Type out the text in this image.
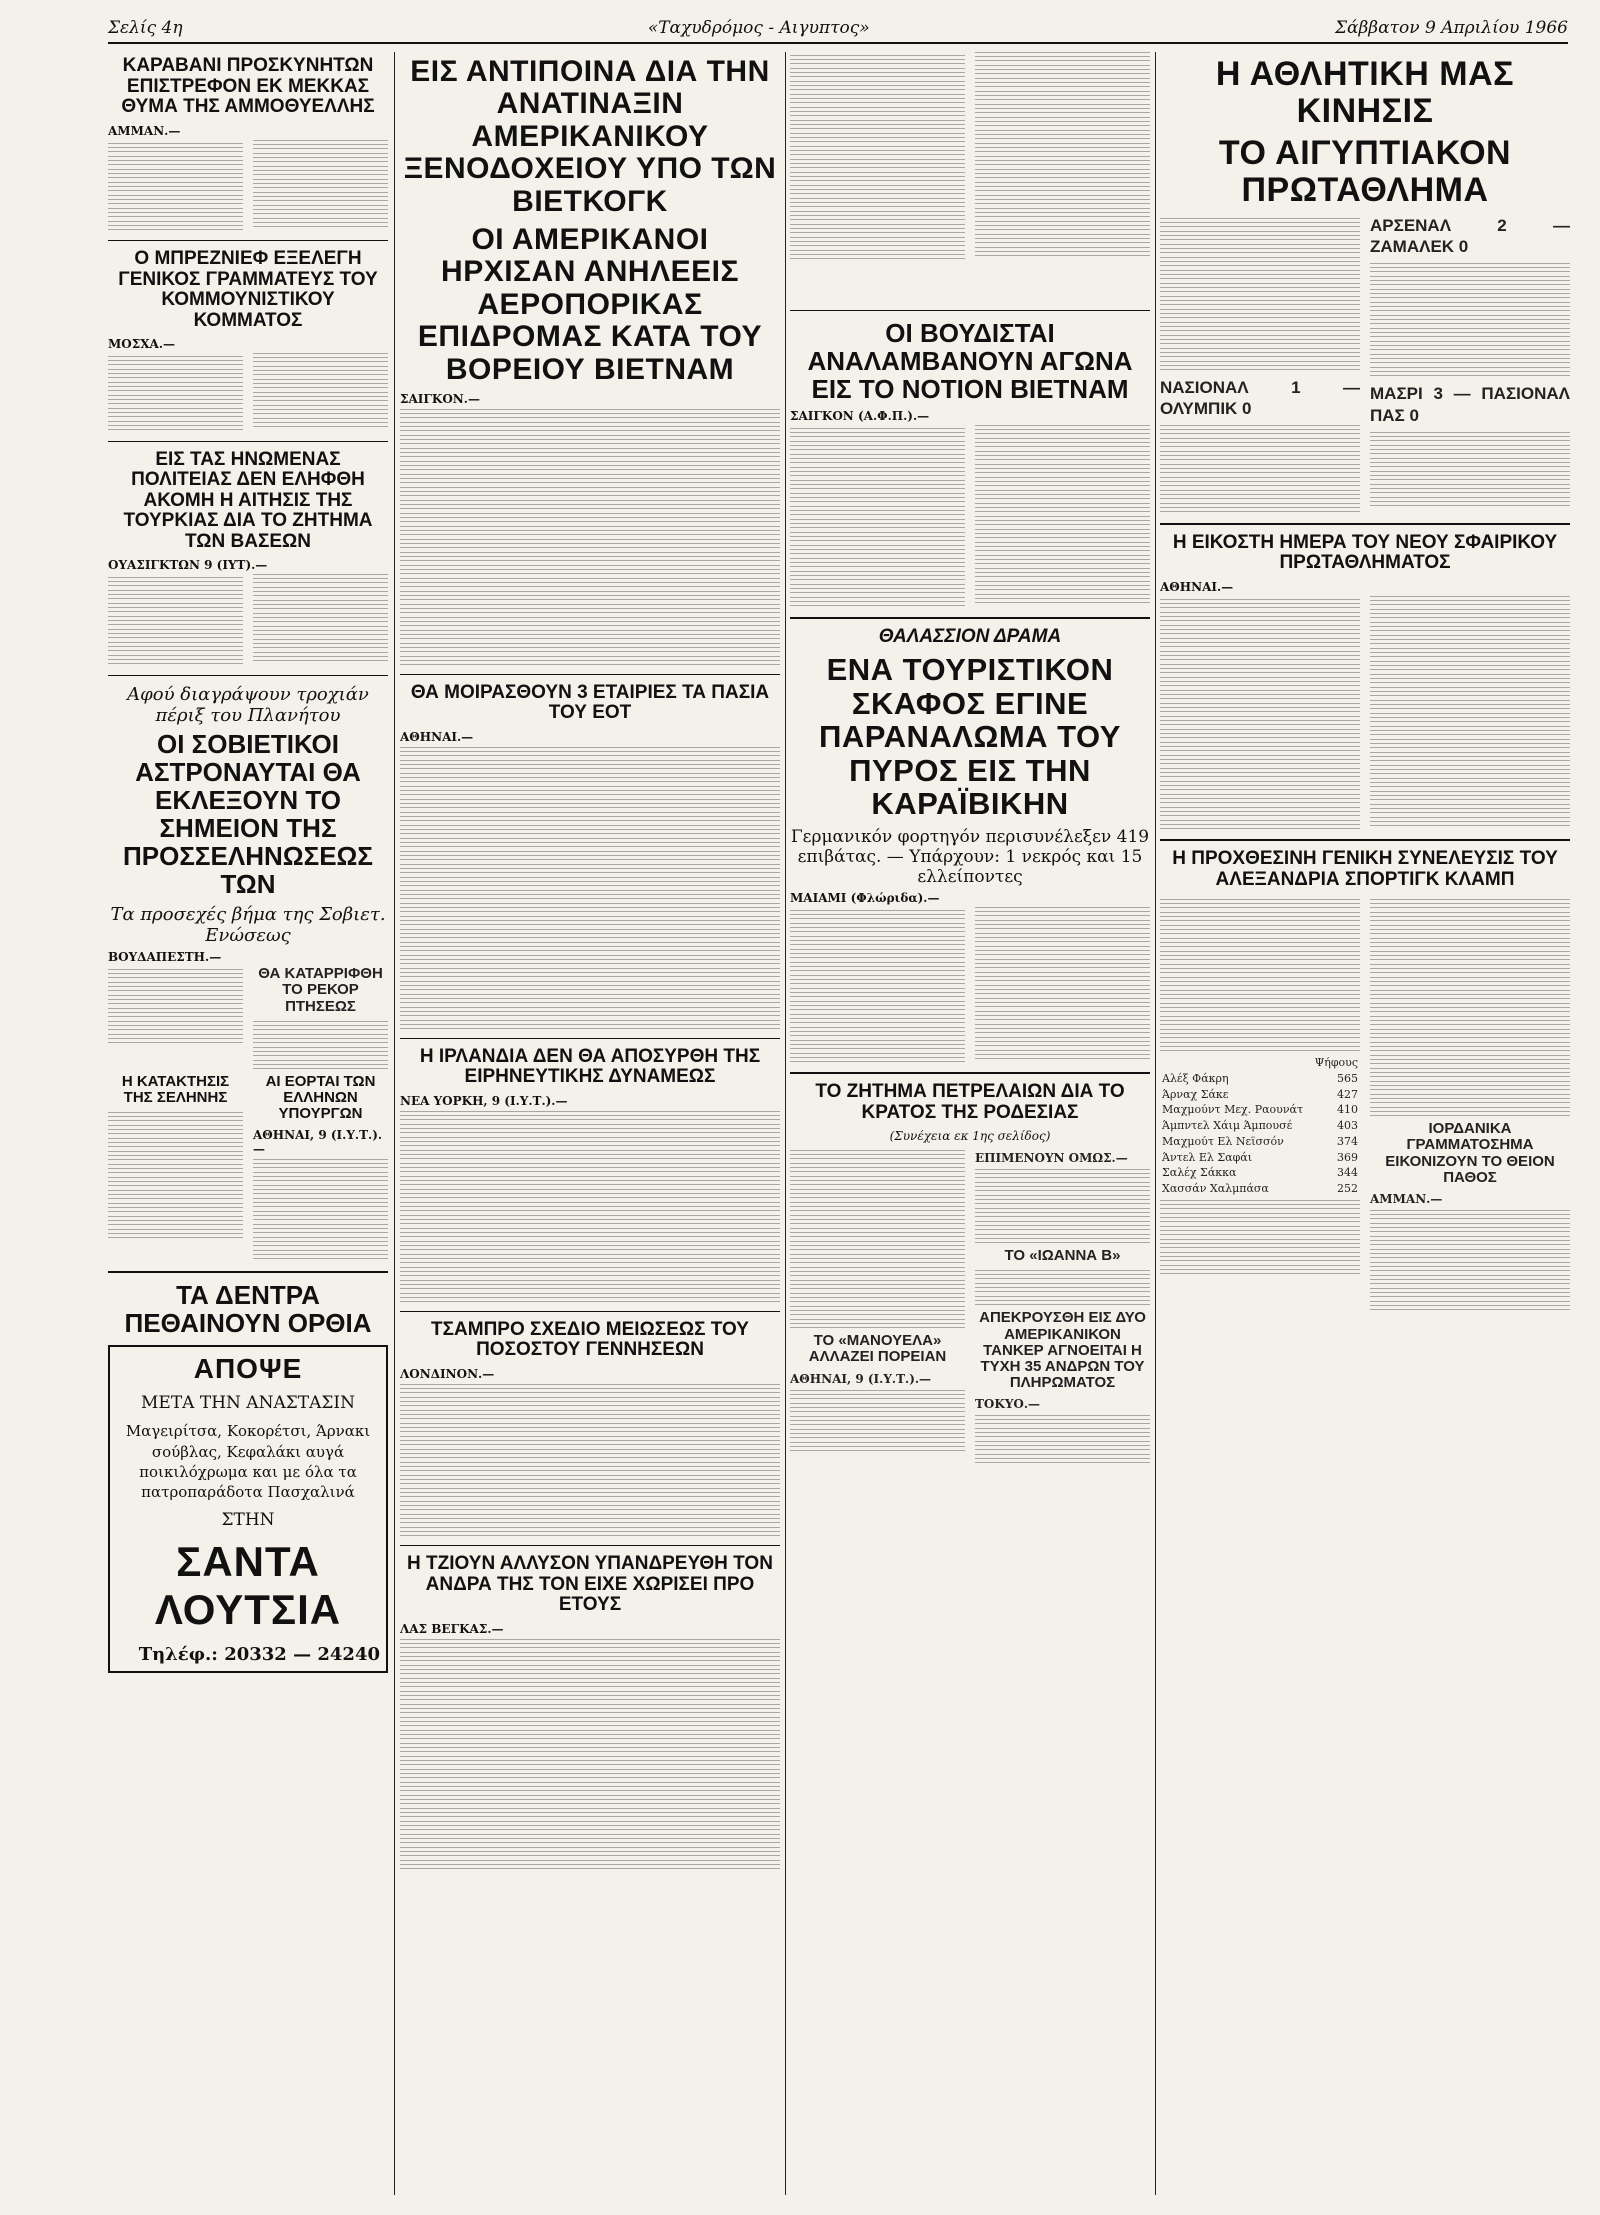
Σελίς 4η	«Ταχυδρόμος - Αιγυπτος»	Σάββατον 9 Απριλίου 1966
ΚΑΡΑΒΑΝΙ ΠΡΟΣΚΥΝΗΤΩΝ ΕΠΙΣΤΡΕΦΟΝ ΕΚ ΜΕΚΚΑΣ ΘΥΜΑ ΤΗΣ ΑΜΜΟΘΥΕΛΛΗΣ
ΑΜΜΑΝ.—
Ο ΜΠΡΕΖΝΙΕΦ ΕΞΕΛΕΓΗ ΓΕΝΙΚΟΣ ΓΡΑΜΜΑΤΕΥΣ ΤΟΥ ΚΟΜΜΟΥΝΙΣΤΙΚΟΥ ΚΟΜΜΑΤΟΣ
ΜΟΣΧΑ.—
ΕΙΣ ΤΑΣ ΗΝΩΜΕΝΑΣ ΠΟΛΙΤΕΙΑΣ ΔΕΝ ΕΛΗΦΘΗ ΑΚΟΜΗ Η ΑΙΤΗΣΙΣ ΤΗΣ ΤΟΥΡΚΙΑΣ ΔΙΑ ΤΟ ΖΗΤΗΜΑ ΤΩΝ ΒΑΣΕΩΝ
ΟΥΑΣΙΓΚΤΩΝ 9 (ΙΥΤ).—
Αφού διαγράψουν τροχιάν πέριξ του Πλανήτου
ΟΙ ΣΟΒΙΕΤΙΚΟΙ ΑΣΤΡΟΝΑΥΤΑΙ ΘΑ ΕΚΛΕΞΟΥΝ ΤΟ ΣΗΜΕΙΟΝ ΤΗΣ ΠΡΟΣΣΕΛΗΝΩΣΕΩΣ ΤΩΝ
Τα προσεχές βήμα της Σοβιετ. Ενώσεως
ΒΟΥΔΑΠΕΣΤΗ.—
ΘΑ ΚΑΤΑΡΡΙΦΘΗ ΤΟ ΡΕΚΟΡ ΠΤΗΣΕΩΣ
Η ΚΑΤΑΚΤΗΣΙΣ ΤΗΣ ΣΕΛΗΝΗΣ
ΑΙ ΕΟΡΤΑΙ ΤΩΝ ΕΛΛΗΝΩΝ ΥΠΟΥΡΓΩΝ
ΑΘΗΝΑΙ, 9 (Ι.Υ.Τ.).—
ΤΑ ΔΕΝΤΡΑ ΠΕΘΑΙΝΟΥΝ ΟΡΘΙΑ
ΑΠΟΨΕ
ΜΕΤΑ ΤΗΝ ΑΝΑΣΤΑΣΙΝ
Μαγειρίτσα, Κοκορέτσι, Άρνακι σούβλας, Κεφαλάκι αυγά ποικιλόχρωμα και με όλα τα πατροπαράδοτα Πασχαλινά
ΣΤΗΝ
ΣΑΝΤΑ ΛΟΥΤΣΙΑ
Τηλέφ.: 20332 — 24240
ΕΙΣ ΑΝΤΙΠΟΙΝΑ ΔΙΑ ΤΗΝ ΑΝΑΤΙΝΑΞΙΝ ΑΜΕΡΙΚΑΝΙΚΟΥ ΞΕΝΟΔΟΧΕΙΟΥ ΥΠΟ ΤΩΝ ΒΙΕΤΚΟΓΚ
ΟΙ ΑΜΕΡΙΚΑΝΟΙ ΗΡΧΙΣΑΝ ΑΝΗΛΕΕΙΣ ΑΕΡΟΠΟΡΙΚΑΣ ΕΠΙΔΡΟΜΑΣ ΚΑΤΑ ΤΟΥ ΒΟΡΕΙΟΥ ΒΙΕΤΝΑΜ
ΣΑΙΓΚΟΝ.—
ΘΑ ΜΟΙΡΑΣΘΟΥΝ 3 ΕΤΑΙΡΙΕΣ ΤΑ ΠΑΣΙΑ ΤΟΥ ΕΟΤ
ΑΘΗΝΑΙ.—
Η ΙΡΛΑΝΔΙΑ ΔΕΝ ΘΑ ΑΠΟΣΥΡΘΗ ΤΗΣ ΕΙΡΗΝΕΥΤΙΚΗΣ ΔΥΝΑΜΕΩΣ
ΝΕΑ ΥΟΡΚΗ, 9 (Ι.Υ.Τ.).—
ΤΣΑΜΠΡΟ ΣΧΕΔΙΟ ΜΕΙΩΣΕΩΣ ΤΟΥ ΠΟΣΟΣΤΟΥ ΓΕΝΝΗΣΕΩΝ
ΛΟΝΔΙΝΟΝ.—
Η ΤΖΙΟΥΝ ΑΛΛΥΣΟΝ ΥΠΑΝΔΡΕΥΘΗ ΤΟΝ ΑΝΔΡΑ ΤΗΣ ΤΟΝ ΕΙΧΕ ΧΩΡΙΣΕΙ ΠΡΟ ΕΤΟΥΣ
ΛΑΣ ΒΕΓΚΑΣ.—
ΟΙ ΒΟΥΔΙΣΤΑΙ ΑΝΑΛΑΜΒΑΝΟΥΝ ΑΓΩΝΑ ΕΙΣ ΤΟ ΝΟΤΙΟΝ ΒΙΕΤΝΑΜ
ΣΑΙΓΚΟΝ (Α.Φ.Π.).—
ΘΑΛΑΣΣΙΟΝ ΔΡΑΜΑ
ΕΝΑ ΤΟΥΡΙΣΤΙΚΟΝ ΣΚΑΦΟΣ ΕΓΙΝΕ ΠΑΡΑΝΑΛΩΜΑ ΤΟΥ ΠΥΡΟΣ ΕΙΣ ΤΗΝ ΚΑΡΑΪΒΙΚΗΝ
Γερμανικόν φορτηγόν περισυνέλεξεν 419 επιβάτας. — Υπάρχουν: 1 νεκρός και 15 ελλείποντες
ΜΑΙΑΜΙ (Φλώριδα).—
ΤΟ ΖΗΤΗΜΑ ΠΕΤΡΕΛΑΙΩΝ ΔΙΑ ΤΟ ΚΡΑΤΟΣ ΤΗΣ ΡΟΔΕΣΙΑΣ
(Συνέχεια εκ 1ης σελίδος)
ΤΟ «ΜΑΝΟΥΕΛΑ» ΑΛΛΑΖΕΙ ΠΟΡΕΙΑΝ
ΑΘΗΝΑΙ, 9 (Ι.Υ.Τ.).—
ΕΠΙΜΕΝΟΥΝ ΟΜΩΣ.—
ΤΟ «ΙΩΑΝΝΑ Β»
ΑΠΕΚΡΟΥΣΘΗ ΕΙΣ ΔΥΟ ΑΜΕΡΙΚΑΝΙΚΟΝ ΤΑΝΚΕΡ ΑΓΝΟΕΙΤΑΙ Η ΤΥΧΗ 35 ΑΝΔΡΩΝ ΤΟΥ ΠΛΗΡΩΜΑΤΟΣ
ΤΟΚΥΟ.—
Η ΑΘΛΗΤΙΚΗ ΜΑΣ ΚΙΝΗΣΙΣ
ΤΟ ΑΙΓΥΠΤΙΑΚΟΝ ΠΡΩΤΑΘΛΗΜΑ
ΝΑΣΙΟΝΑΛ 1 — ΟΛΥΜΠΙΚ 0
ΑΡΣΕΝΑΛ 2 — ΖΑΜΑΛΕΚ 0
ΜΑΣΡΙ 3 — ΠΑΣΙΟΝΑΛ ΠΑΣ 0
Η ΕΙΚΟΣΤΗ ΗΜΕΡΑ ΤΟΥ ΝΕΟΥ ΣΦΑΙΡΙΚΟΥ ΠΡΩΤΑΘΛΗΜΑΤΟΣ
ΑΘΗΝΑΙ.—
Η ΠΡΟΧΘΕΣΙΝΗ ΓΕΝΙΚΗ ΣΥΝΕΛΕΥΣΙΣ ΤΟΥ ΑΛΕΞΑΝΔΡΙΑ ΣΠΟΡΤΙΓΚ ΚΛΑΜΠ
	Ψήφους
Αλέξ Φάκρη	565
Άρναχ Σάκε	427
Μαχμούντ Μεχ. Ραουνάτ	410
Άμπντελ Χάιμ Άμπουσέ	403
Μαχμούτ Ελ Νεϊσσόν	374
Άντελ Ελ Σαφάι	369
Σαλέχ Σάκκα	344
Χασσάν Χαλμπάσα	252
ΙΟΡΔΑΝΙΚΑ ΓΡΑΜΜΑΤΟΣΗΜΑ ΕΙΚΟΝΙΖΟΥΝ ΤΟ ΘΕΙΟΝ ΠΑΘΟΣ
ΑΜΜΑΝ.—
